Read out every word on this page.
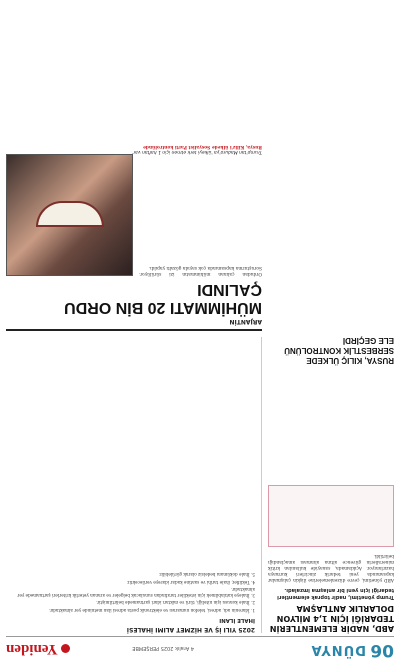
06
DÜNYA
4 Aralık 2025 PERŞEMBE
Yeniden
ABD, NADİR ELEMENTLERİN TEDARİĞİ İÇİN 1,4 MİLYON DOLARLIK ANTLAŞMA

Trump yönetimi, nadir toprak elementleri tedariği için yeni bir anlaşma imzaladı.

ABD yönetimi, çevre düzenlemelerine ilişkin çalışmalar kapsamında yeni tedarik zincirleri kurmaya hazırlanıyor. Açıklamada, sanayide kullanılan kritik minerallerin güvence altına alınması amaçlandığı belirtildi.
2025 YILI İŞ VE HİZMET ALIMI İHALESİ
İHALE İLANI

1. İdarenin adı, adresi, telefon numarası ve elektronik posta adresi ilan metninde yer almaktadır.

2. İhale konusu işin niteliği, türü ve miktarı idari şartnamede belirtilmiştir.

3. İhaleye katılabilmek için istekliler tarafından sunulacak belgeler ve aranan yeterlik kriterleri şartnamede yer almaktadır.

4. Teklifler, ihale tarihi ve saatine kadar idareye verilecektir.

5. İhale dokümanı bedelsiz olarak görülebilir.

RUSYA, KILIÇ ÜLKEDE SERBESTLİK KONTROLÜNÜ ELE GEÇİRDİ
ARJANTİN
MÜHİMMATI 20 BİN ORDU ÇALINDI
Ordudan çalınan mühimmatın izi sürülüyor. Soruşturma kapsamında çok sayıda gözaltı yapıldı.
Trump'tan Maduro'ya 'ülkeyi terk etmen için 1 haftan var'
Rusya, Kiliz'i ülkede Sosyalist Parti kontrolünde
